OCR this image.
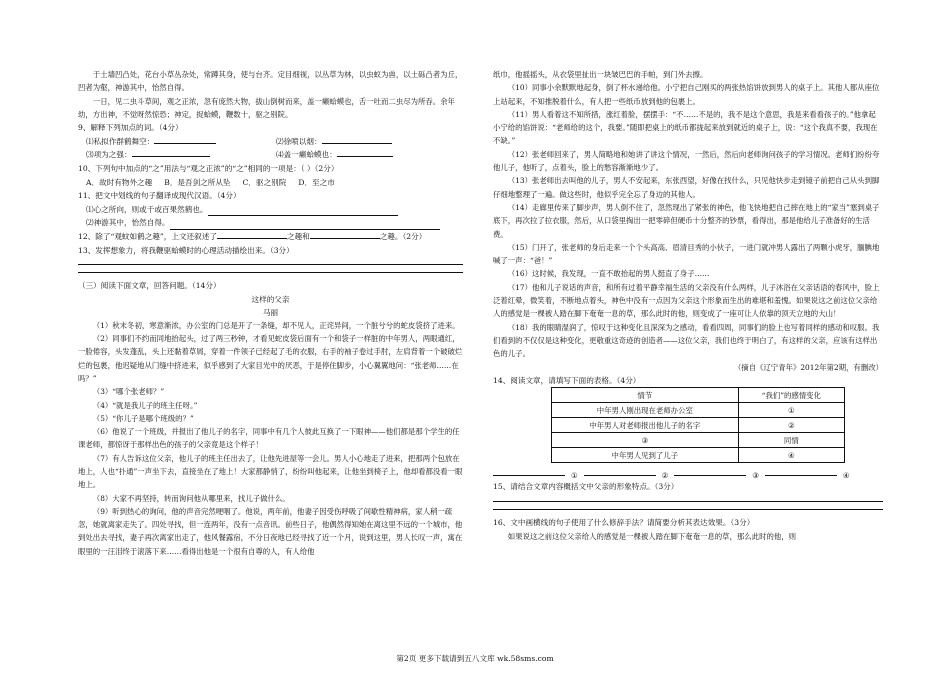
于土墙凹凸处，花台小草丛杂处，常蹲其身，使与台齐。定目细视，以丛草为林，以虫蚁为兽，以土砾凸者为丘，凹者为壑，神游其中，怡然自得。

一日，见二虫斗草间，观之正浓，忽有庞然大物，拔山倒树而来，盖一癞蛤蟆也，舌一吐而二虫尽为所吞。余年幼，方出神，不觉呀然惊恐；神定，捉蛤蟆，鞭数十，驱之别院。

9、解释下列加点的词。（4分）

⑴私拟作群鹤舞空：	⑵徐喷以烟：
⑶项为之强：	⑷盖一癞蛤蟆也：

10、下列句中加点的“之”用法与“观之正浓”的“之”相同的一项是：（ ）（2分）

A．故时有物外之趣 B．是吾剑之所从坠 C．驱之别院 D．至之市

11、把文中划线的句子翻译成现代汉语。（4分）

⑴心之所向，则或千或百果然鹤也。
⑵神游其中，怡然自得。
12、除了“观蚊如鹤之趣”，上文还叙述了	之趣和	之趣。（2分）

13、发挥想象力，将我鞭驱蛤蟆时的心理活动描绘出来。（3分）

（三）阅读下面文章，回答问题。（14分）

这样的父亲

马丽

（1）秋末冬初，寒意渐浓，办公室的门总是开了一条缝，却不见人，正诧异间，一个脏兮兮的蛇皮袋挤了进来。

（2）同事们不约而同地抬起头，过了两三秒钟，才看见蛇皮袋后面有一个和袋子一样脏的中年男人，两眼通红，一脸倦容，头发蓬乱，头上还黏着草屑，穿着一件领子已经起了毛的衣服，右手的袖子卷过手肘，左肩背着一个破破烂烂的包裹，他迟疑地从门缝中挤进来，似乎感到了大家目光中的厌恶，于是停住脚步，小心翼翼地问：“张老师……在吗？”

（3）“哪个张老师？”

（4）“就是我儿子的班主任呀。”

（5）“你儿子是哪个班级的？”

（6）他说了一个班级，并报出了他儿子的名字，同事中有几个人彼此互换了一下眼神——他们都是那个学生的任课老师，都惊讶于那样出色的孩子的父亲竟是这个样子！

（7）有人告诉这位父亲，他儿子的班主任出去了，让他先进屋等一会儿。男人小心地走了进来，把那两个包放在地上，人也“扑通”一声坐下去，直接坐在了地上！大家都静悄了，纷纷叫他起来，让他坐到椅子上，他却看都没看一眼地上。

（8）大家不再坚持，转而询问他从哪里来，找儿子做什么。

（9）听到热心的询问，他的声音完然哽咽了。他说，两年前，他妻子因受伤呼吸了间歇性精神病，家人稍一疏忽，她就离家走失了。四处寻找，但一连两年，没有一点音讯。前些日子，他偶然得知她在离这里不远的一个城市，他到处出去寻找，妻子再次离家出走了，他风餐露宿，不分日夜地已经寻找了近一个月，说到这里，男人长叹一声，寓在眼里的一汪泪终于滚落下来……看得出他是一个很有自尊的人，有人给他

纸巾，他摇摇头，从衣袋里扯出一块皱巴巴的手帕，到门外去擦。

（10）同事小余默默地起身，倒了杯水递给他。小宁把自己刚买的两张热馅饼放到男人的桌子上。其他人都从座位上站起来，不知推脱着什么，有人把一些纸币放到他的包裹上。

（11）男人看着这不知所措，涨红着脸，摆摆手：“不……不是的，我不是这个意思，我是来看看孩子的。”他拿起小宁给的馅饼说：“老师给的这个，我要。”随即把桌上的纸币都拢起来放到就近的桌子上，说：“这个我真不要，我现在不缺。”

（12）张老师回来了，男人简略地和她讲了讲这个情况，一然后，然后向老师询问孩子的学习情况。老师们纷纷夸他儿子，他听了，点着头，脸上的愁容渐渐地少了。

（13）张老师出去叫他的儿子，男人不安起来，东张西望，好像在找什么，只见他快步走到镜子前把自己从头到脚仔细地整理了一遍。做这些时，他似乎完全忘了身边的其他人。

（14）走廊里传来了脚步声，男人倒不住了，忽然现出了紧张的神色，他飞快地把自己摔在地上的“家当”塞到桌子底下，再次拉了拉衣服，然后，从口袋里掏出一把零碎但硬币十分整齐的钞票，看得出，那是他给儿子准备好的生活费。

（15）门开了，张老师的身后走来一个个头高高、眉清目秀的小伙子，一进门就冲男人露出了两颗小虎牙，腼腆地喊了一声：“爸！”

（16）这时候，我发现，一直不敢抬起的男人挺直了身子……

（17）他和儿子说话的声音，和所有过着平静幸福生活的父亲没有什么两样，儿子沐浴在父亲话语的春风中，脸上泛着红晕，微笑着，不断地点着头，神色中没有一点因为父亲这个形象而生出的难堪和羞愧。如果说这之前这位父亲给人的感觉是一棵被人踏在脚下奄奄一息的草，那么此时的他，则变成了一座可让人依靠的顶天立地的大山！

（18）我的眼睛湿润了，惊叹于这种变化且深深为之感动，看看四周，同事们的脸上也写着同样的感动和叹服。我们看到的不仅仅是这种变化，更敬重这奇迹的创造者——这位父亲，我们也终于明白了，有这样的父亲，应该有这样出色的儿子。

（摘自《辽宁青年》2012年第2期，有删改）

14、阅读文章，请填写下面的表格。（4分）

情节	“我们”的感情变化
中年男人刚出现在老师办公室	①
中年男人对老师报出他儿子的名字	②
③	同情
中年男人见到了儿子	④
①	②	③	④

15、请结合文章内容概括文中父亲的形象特点。（3分）

16、文中画横线的句子使用了什么修辞手法？请简要分析其表达效果。（3分）

如果说这之前这位父亲给人的感觉是一棵被人踏在脚下奄奄一息的草，那么此时的他，则

第2页 更多下载请到五八文库 wk.58sms.com
